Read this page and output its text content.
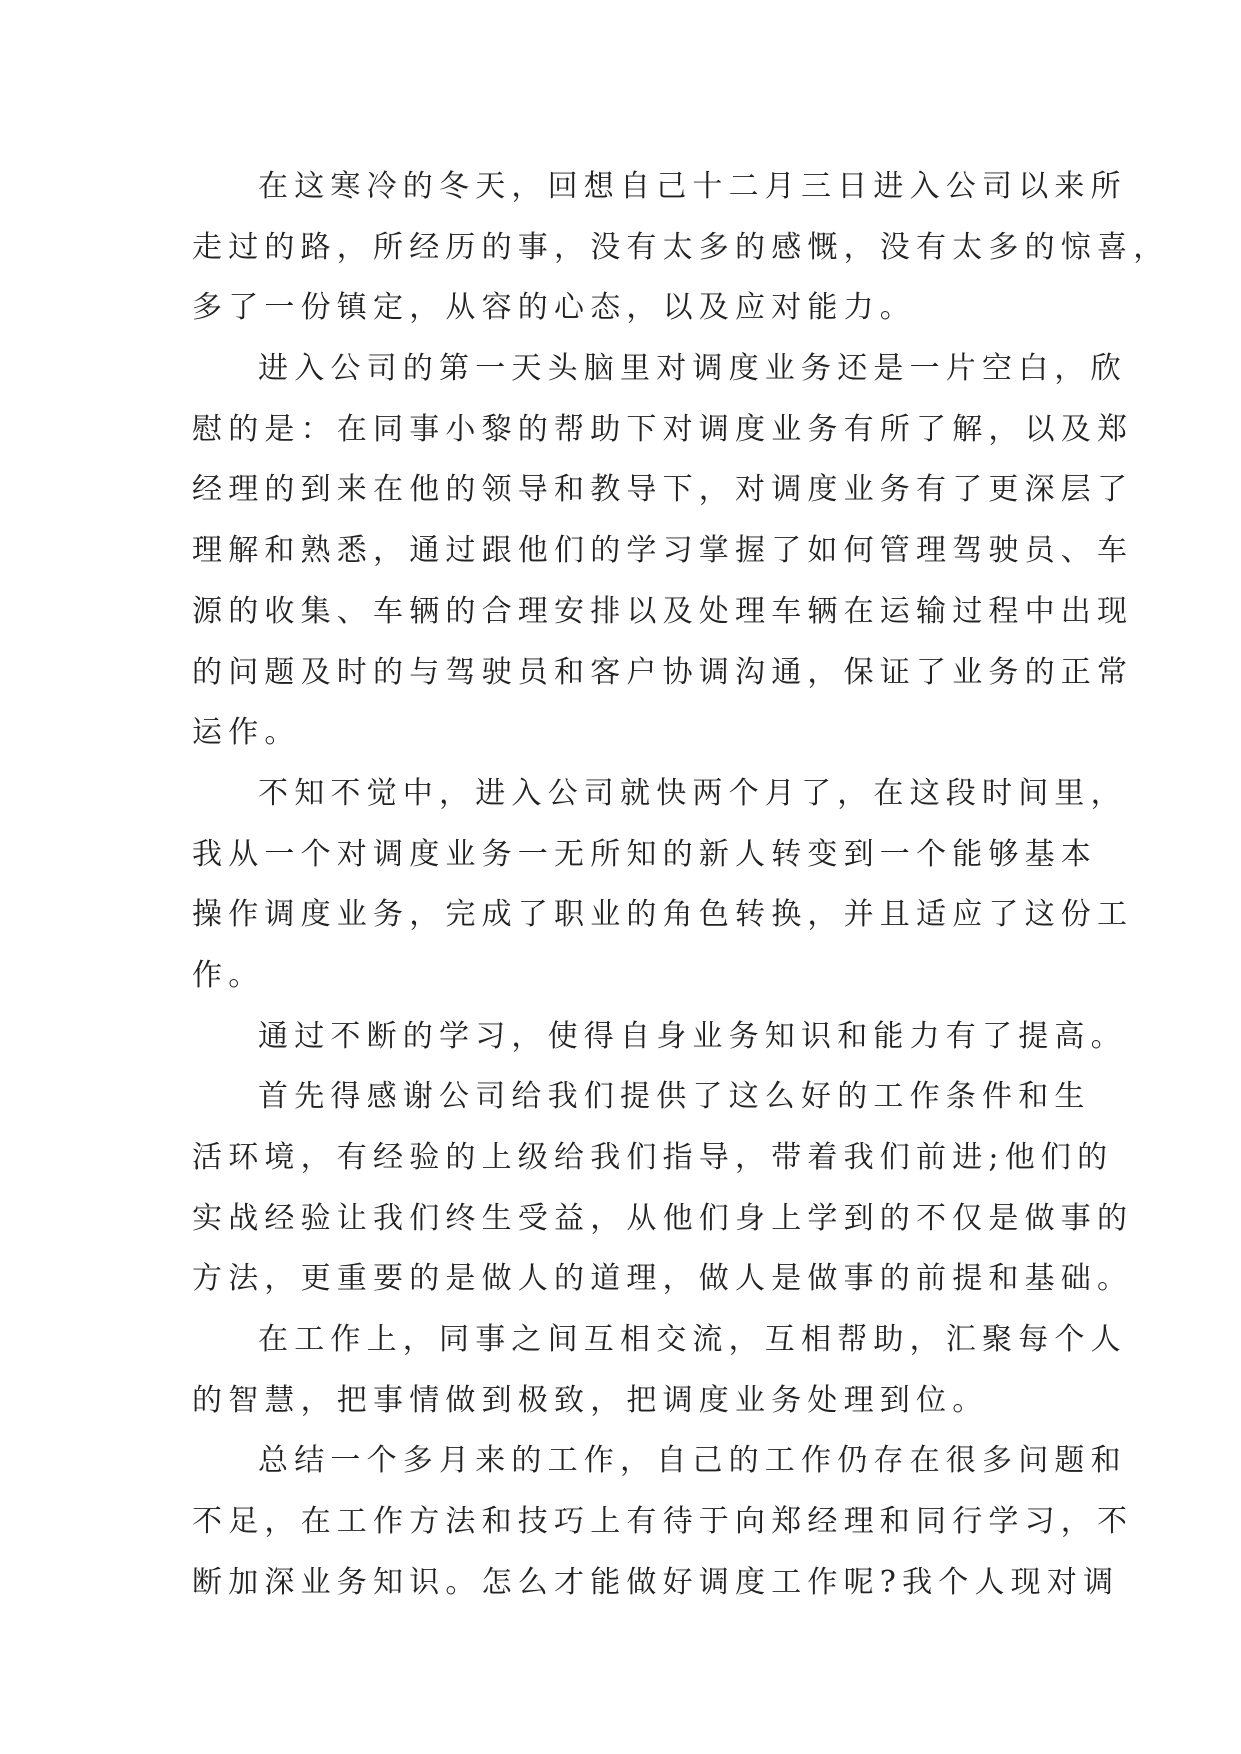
在这寒冷的冬天，回想自己十二月三日进入公司以来所
走过的路，所经历的事，没有太多的感慨，没有太多的惊喜，
多了一份镇定，从容的心态，以及应对能力。

进入公司的第一天头脑里对调度业务还是一片空白，欣
慰的是：在同事小黎的帮助下对调度业务有所了解，以及郑
经理的到来在他的领导和教导下，对调度业务有了更深层了
理解和熟悉，通过跟他们的学习掌握了如何管理驾驶员、车
源的收集、车辆的合理安排以及处理车辆在运输过程中出现
的问题及时的与驾驶员和客户协调沟通，保证了业务的正常
运作。

不知不觉中，进入公司就快两个月了，在这段时间里，
我从一个对调度业务一无所知的新人转变到一个能够基本
操作调度业务，完成了职业的角色转换，并且适应了这份工
作。

通过不断的学习，使得自身业务知识和能力有了提高。

首先得感谢公司给我们提供了这么好的工作条件和生
活环境，有经验的上级给我们指导，带着我们前进;他们的
实战经验让我们终生受益，从他们身上学到的不仅是做事的
方法，更重要的是做人的道理，做人是做事的前提和基础。

在工作上，同事之间互相交流，互相帮助，汇聚每个人
的智慧，把事情做到极致，把调度业务处理到位。

总结一个多月来的工作，自己的工作仍存在很多问题和
不足，在工作方法和技巧上有待于向郑经理和同行学习，不
断加深业务知识。怎么才能做好调度工作呢?我个人现对调
